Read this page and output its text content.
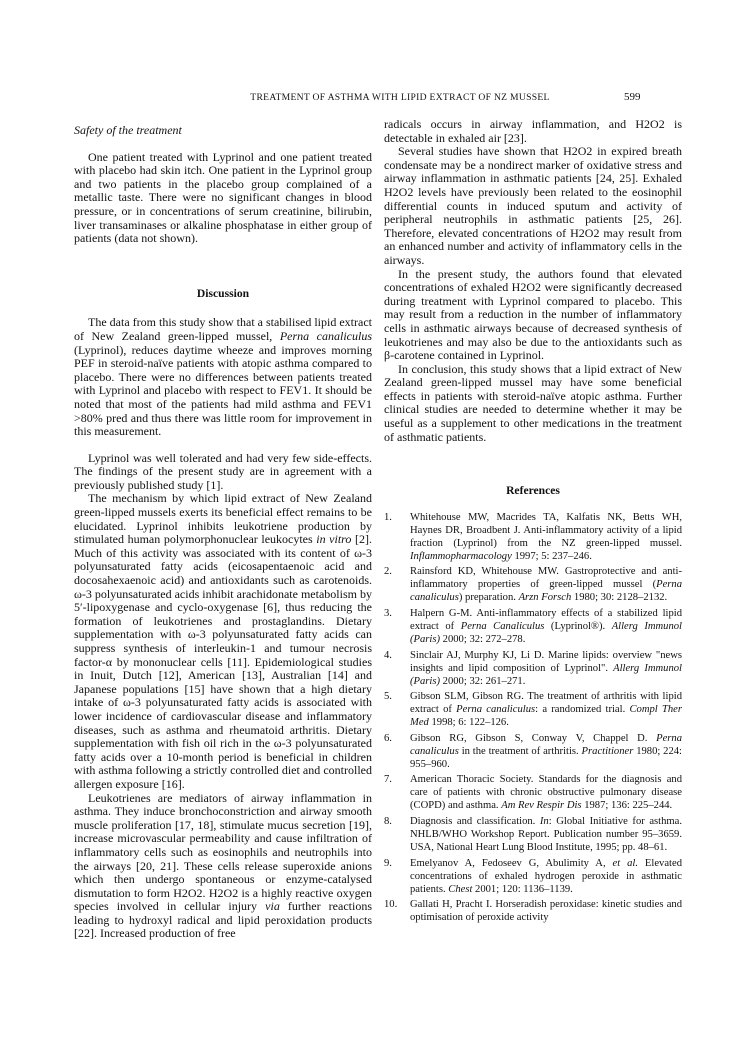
TREATMENT OF ASTHMA WITH LIPID EXTRACT OF NZ MUSSEL	599

Safety of the treatment

One patient treated with Lyprinol and one patient treated with placebo had skin itch. One patient in the Lyprinol group and two patients in the placebo group complained of a metallic taste. There were no significant changes in blood pressure, or in concentrations of serum creatinine, bilirubin, liver transaminases or alkaline phosphatase in either group of patients (data not shown).

Discussion

The data from this study show that a stabilised lipid extract of New Zealand green-lipped mussel, Perna canaliculus (Lyprinol), reduces daytime wheeze and improves morning PEF in steroid-naïve patients with atopic asthma compared to placebo. There were no differences between patients treated with Lyprinol and placebo with respect to FEV1. It should be noted that most of the patients had mild asthma and FEV1 >80% pred and thus there was little room for improvement in this measurement.

Lyprinol was well tolerated and had very few side-effects. The findings of the present study are in agreement with a previously published study [1].

The mechanism by which lipid extract of New Zealand green-lipped mussels exerts its beneficial effect remains to be elucidated. Lyprinol inhibits leukotriene production by stimulated human polymorphonuclear leukocytes in vitro [2]. Much of this activity was associated with its content of ω-3 polyunsaturated fatty acids (eicosapentaenoic acid and docosahexaenoic acid) and antioxidants such as carotenoids. ω-3 polyunsaturated acids inhibit arachidonate metabolism by 5′-lipoxygenase and cyclo-oxygenase [6], thus reducing the formation of leukotrienes and prostaglandins. Dietary supplementation with ω-3 polyunsaturated fatty acids can suppress synthesis of interleukin-1 and tumour necrosis factor-α by mononuclear cells [11]. Epidemiological studies in Inuit, Dutch [12], American [13], Australian [14] and Japanese populations [15] have shown that a high dietary intake of ω-3 polyunsaturated fatty acids is associated with lower incidence of cardiovascular disease and inflammatory diseases, such as asthma and rheumatoid arthritis. Dietary supplementation with fish oil rich in the ω-3 polyunsaturated fatty acids over a 10-month period is beneficial in children with asthma following a strictly controlled diet and controlled allergen exposure [16].

Leukotrienes are mediators of airway inflammation in asthma. They induce bronchoconstriction and airway smooth muscle proliferation [17, 18], stimulate mucus secretion [19], increase microvascular permeability and cause infiltration of inflammatory cells such as eosinophils and neutrophils into the airways [20, 21]. These cells release superoxide anions which then undergo spontaneous or enzyme-catalysed dismutation to form H2O2. H2O2 is a highly reactive oxygen species involved in cellular injury via further reactions leading to hydroxyl radical and lipid peroxidation products [22]. Increased production of free

radicals occurs in airway inflammation, and H2O2 is detectable in exhaled air [23].

Several studies have shown that H2O2 in expired breath condensate may be a nondirect marker of oxidative stress and airway inflammation in asthmatic patients [24, 25]. Exhaled H2O2 levels have previously been related to the eosinophil differential counts in induced sputum and activity of peripheral neutrophils in asthmatic patients [25, 26]. Therefore, elevated concentrations of H2O2 may result from an enhanced number and activity of inflammatory cells in the airways.

In the present study, the authors found that elevated concentrations of exhaled H2O2 were significantly decreased during treatment with Lyprinol compared to placebo. This may result from a reduction in the number of inflammatory cells in asthmatic airways because of decreased synthesis of leukotrienes and may also be due to the antioxidants such as β-carotene contained in Lyprinol.

In conclusion, this study shows that a lipid extract of New Zealand green-lipped mussel may have some beneficial effects in patients with steroid-naïve atopic asthma. Further clinical studies are needed to determine whether it may be useful as a supplement to other medications in the treatment of asthmatic patients.

References

1.	Whitehouse MW, Macrides TA, Kalfatis NK, Betts WH, Haynes DR, Broadbent J. Anti-inflammatory activity of a lipid fraction (Lyprinol) from the NZ green-lipped mussel. Inflammopharmacology 1997; 5: 237–246.
2.	Rainsford KD, Whitehouse MW. Gastroprotective and anti-inflammatory properties of green-lipped mussel (Perna canaliculus) preparation. Arzn Forsch 1980; 30: 2128–2132.
3.	Halpern G-M. Anti-inflammatory effects of a stabilized lipid extract of Perna Canaliculus (Lyprinol®). Allerg Immunol (Paris) 2000; 32: 272–278.
4.	Sinclair AJ, Murphy KJ, Li D. Marine lipids: overview "news insights and lipid composition of Lyprinol". Allerg Immunol (Paris) 2000; 32: 261–271.
5.	Gibson SLM, Gibson RG. The treatment of arthritis with lipid extract of Perna canaliculus: a randomized trial. Compl Ther Med 1998; 6: 122–126.
6.	Gibson RG, Gibson S, Conway V, Chappel D. Perna canaliculus in the treatment of arthritis. Practitioner 1980; 224: 955–960.
7.	American Thoracic Society. Standards for the diagnosis and care of patients with chronic obstructive pulmonary disease (COPD) and asthma. Am Rev Respir Dis 1987; 136: 225–244.
8.	Diagnosis and classification. In: Global Initiative for asthma. NHLB/WHO Workshop Report. Publication number 95–3659. USA, National Heart Lung Blood Institute, 1995; pp. 48–61.
9.	Emelyanov A, Fedoseev G, Abulimity A, et al. Elevated concentrations of exhaled hydrogen peroxide in asthmatic patients. Chest 2001; 120: 1136–1139.
10.	Gallati H, Pracht I. Horseradish peroxidase: kinetic studies and optimisation of peroxide activity
